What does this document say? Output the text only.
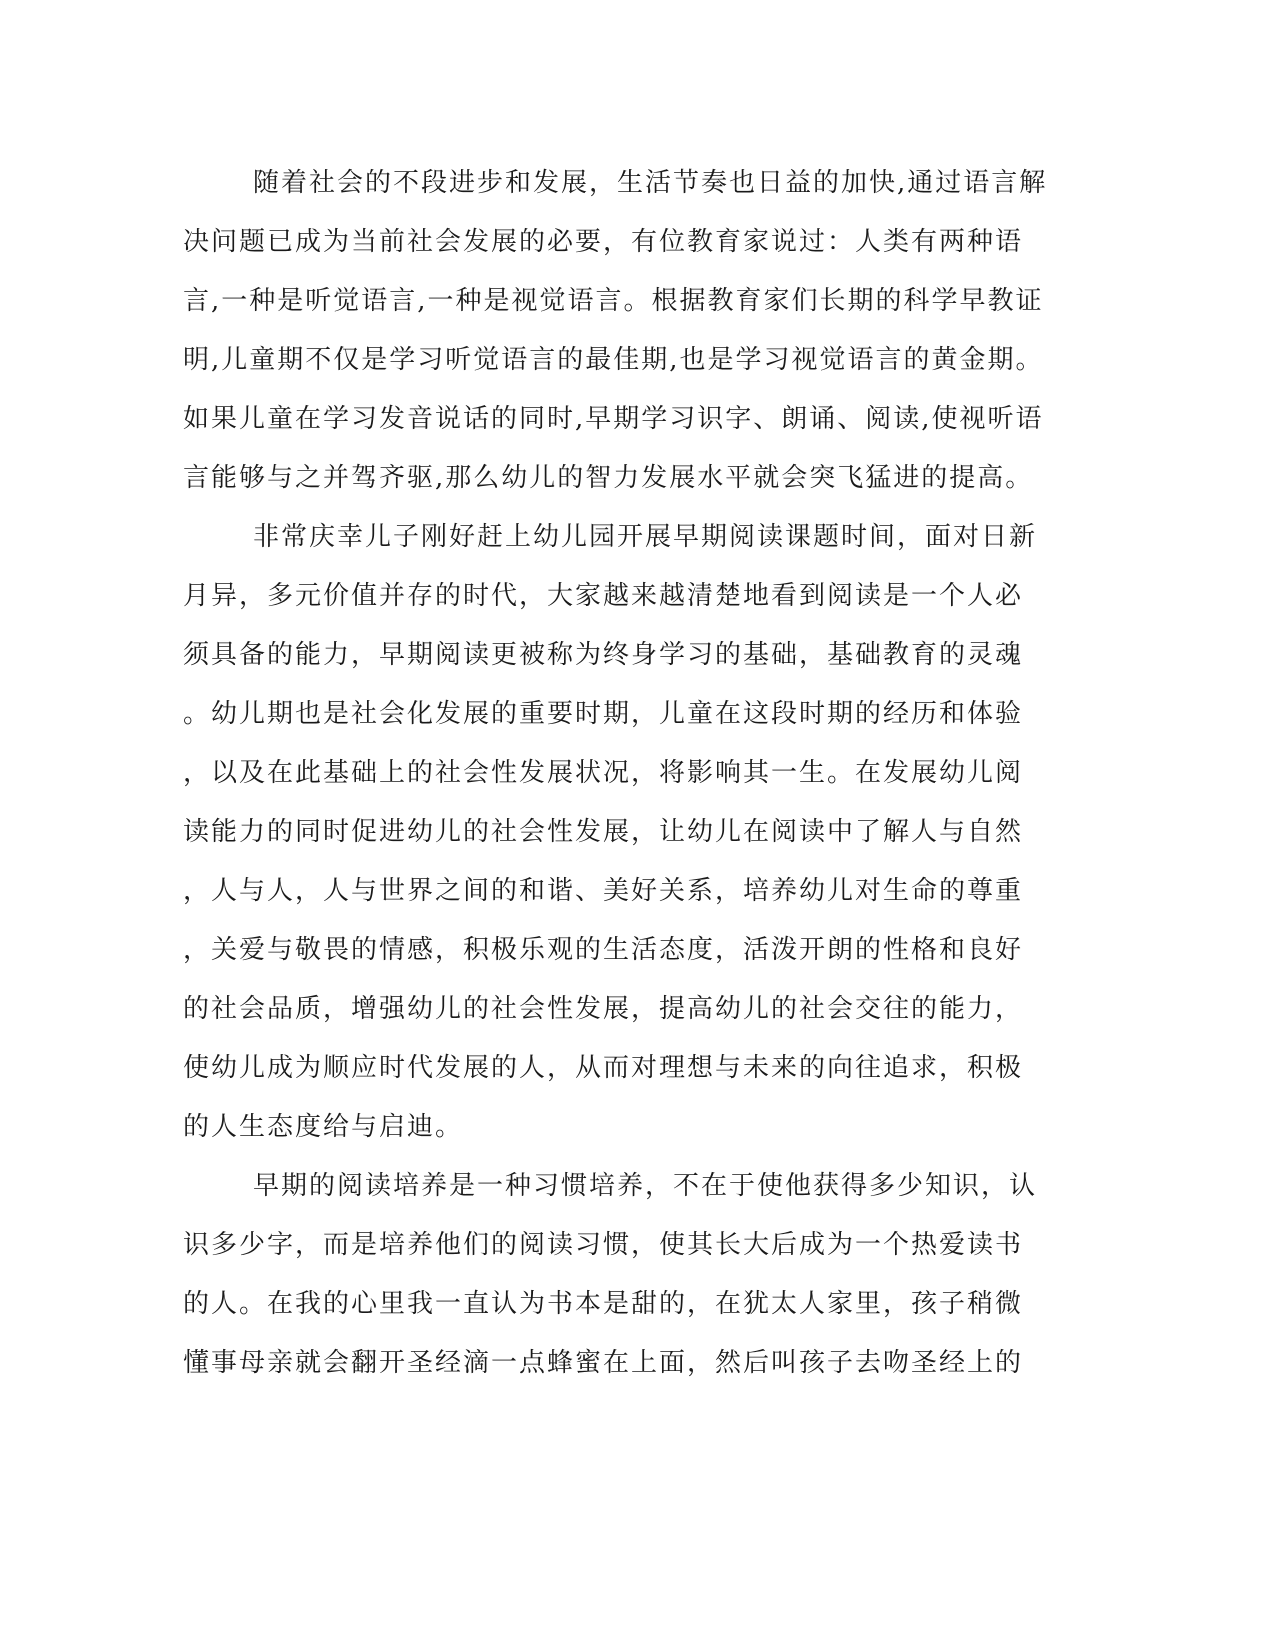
随着社会的不段进步和发展，生活节奏也日益的加快,通过语言解
决问题已成为当前社会发展的必要，有位教育家说过：人类有两种语
言,一种是听觉语言,一种是视觉语言。根据教育家们长期的科学早教证
明,儿童期不仅是学习听觉语言的最佳期,也是学习视觉语言的黄金期。
如果儿童在学习发音说话的同时,早期学习识字、朗诵、阅读,使视听语
言能够与之并驾齐驱,那么幼儿的智力发展水平就会突飞猛进的提高。
非常庆幸儿子刚好赶上幼儿园开展早期阅读课题时间，面对日新
月异，多元价值并存的时代，大家越来越清楚地看到阅读是一个人必
须具备的能力，早期阅读更被称为终身学习的基础，基础教育的灵魂
。幼儿期也是社会化发展的重要时期，儿童在这段时期的经历和体验
，以及在此基础上的社会性发展状况，将影响其一生。在发展幼儿阅
读能力的同时促进幼儿的社会性发展，让幼儿在阅读中了解人与自然
，人与人，人与世界之间的和谐、美好关系，培养幼儿对生命的尊重
，关爱与敬畏的情感，积极乐观的生活态度，活泼开朗的性格和良好
的社会品质，增强幼儿的社会性发展，提高幼儿的社会交往的能力，
使幼儿成为顺应时代发展的人，从而对理想与未来的向往追求，积极
的人生态度给与启迪。
早期的阅读培养是一种习惯培养，不在于使他获得多少知识，认
识多少字，而是培养他们的阅读习惯，使其长大后成为一个热爱读书
的人。在我的心里我一直认为书本是甜的，在犹太人家里，孩子稍微
懂事母亲就会翻开圣经滴一点蜂蜜在上面，然后叫孩子去吻圣经上的
